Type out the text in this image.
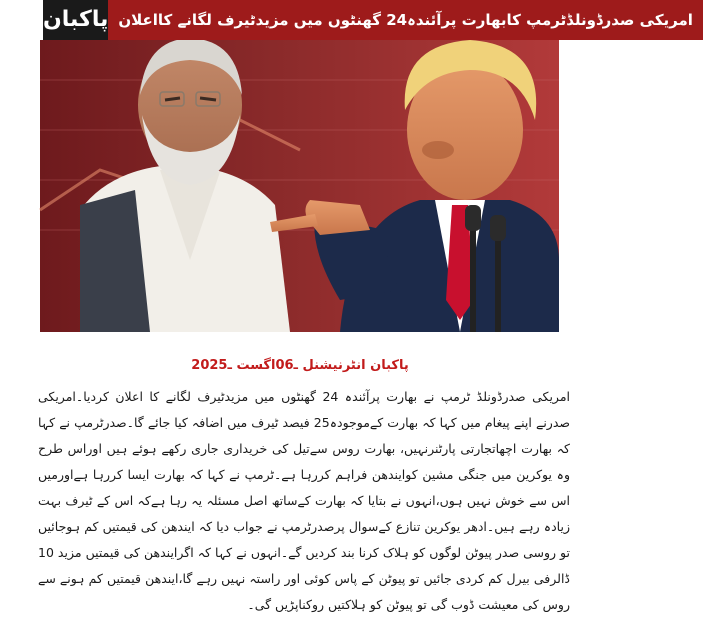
پاکبان امریکی صدرڈونلڈٹرمپ کابھارت پرآئندہ24 گھنٹوں میں مزیدٹیرف لگانے کااعلان
پاکبان انٹرنیشنل ـ06اگست ـ2025
امریکی صدرڈونلڈ ٹرمپ نے بھارت پرآئندہ 24 گھنٹوں میں مزیدٹیرف لگانے کا اعلان کردیا۔امریکی صدرنے اپنے پیغام میں کہا کہ بھارت کےموجودہ25 فیصد ٹیرف میں اضافہ کیا جائے گا۔صدرٹرمپ نے کہا کہ بھارت اچھاتجارتی پارٹنرنہیں، بھارت روس سےتیل کی خریداری جاری رکھے ہوئے ہیں اوراس طرح وہ یوکرین میں جنگی مشین کوایندھن فراہم کررہا ہے۔ٹرمپ نے کہا کہ بھارت ایسا کررہا ہےاورمیں اس سے خوش نہیں ہوں،انہوں نے بتایا کہ بھارت کےساتھ اصل مسئلہ یہ رہا ہےکہ اس کے ٹیرف بہت زیادہ رہے ہیں۔ادھر یوکرین تنازع کےسوال پرصدرٹرمپ نے جواب دیا کہ ایندھن کی قیمتیں کم ہوجائیں تو روسی صدر پیوٹن لوگوں کو ہلاک کرنا بند کردیں گے۔انہوں نے کہا کہ اگرایندھن کی قیمتیں مزید 10 ڈالرفی بیرل کم کردی جائیں تو پیوٹن کے پاس کوئی اور راستہ نہیں رہے گا،ایندھن قیمتیں کم ہونے سے روس کی معیشت ڈوب گی تو پیوٹن کو ہلاکتیں روکناپڑیں گی۔
